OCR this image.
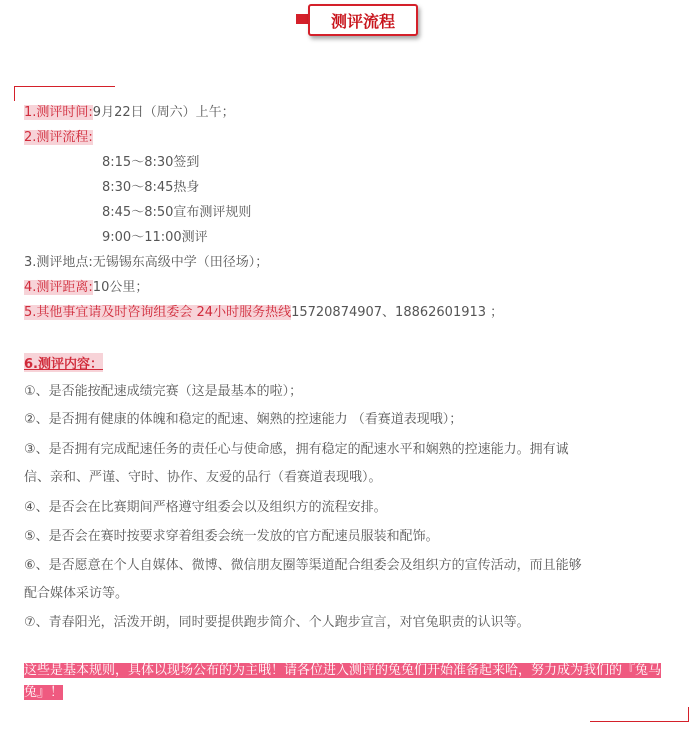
测评流程
1.测评时间:9月22日（周六）上午；
2.测评流程:
8:15～8:30签到
8:30～8:45热身
8:45～8:50宣布测评规则
9:00～11:00测评
3.测评地点:无锡锡东高级中学（田径场）；
4.测评距离:10公里；
5.其他事宜请及时咨询组委会 24小时服务热线15720874907、18862601913 ；
6.测评内容：
①、是否能按配速成绩完赛（这是最基本的啦）；
②、是否拥有健康的体魄和稳定的配速、娴熟的控速能力 （看赛道表现哦）；
③、是否拥有完成配速任务的责任心与使命感，拥有稳定的配速水平和娴熟的控速能力。拥有诚
信、亲和、严谨、守时、协作、友爱的品行（看赛道表现哦）。
④、是否会在比赛期间严格遵守组委会以及组织方的流程安排。
⑤、是否会在赛时按要求穿着组委会统一发放的官方配速员服装和配饰。
⑥、是否愿意在个人自媒体、微博、微信朋友圈等渠道配合组委会及组织方的宣传活动，而且能够
配合媒体采访等。
⑦、青春阳光，活泼开朗，同时要提供跑步简介、个人跑步宣言，对官兔职责的认识等。
这些是基本规则，具体以现场公布的为主哦！请各位进入测评的兔兔们开始准备起来哈，努力成为我们的『兔马兔』！
